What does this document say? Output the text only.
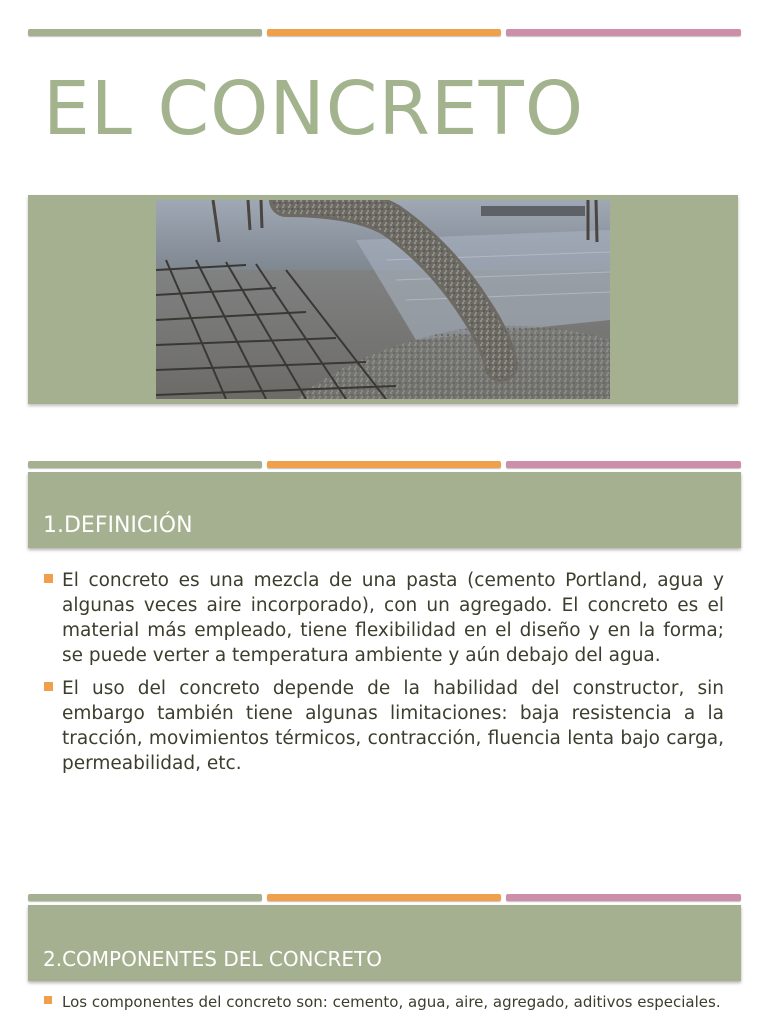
EL CONCRETO
1.DEFINICIÓN
El concreto es una mezcla de una pasta (cemento Portland, agua y algunas veces aire incorporado), con un agregado. El concreto es el material más empleado, tiene flexibilidad en el diseño y en la forma; se puede verter a temperatura ambiente y aún debajo del agua.
El uso del concreto depende de la habilidad del constructor, sin embargo también tiene algunas limitaciones: baja resistencia a la tracción, movimientos térmicos, contracción, fluencia lenta bajo carga, permeabilidad, etc.
2.COMPONENTES DEL CONCRETO
Los componentes del concreto son: cemento, agua, aire, agregado, aditivos especiales.
